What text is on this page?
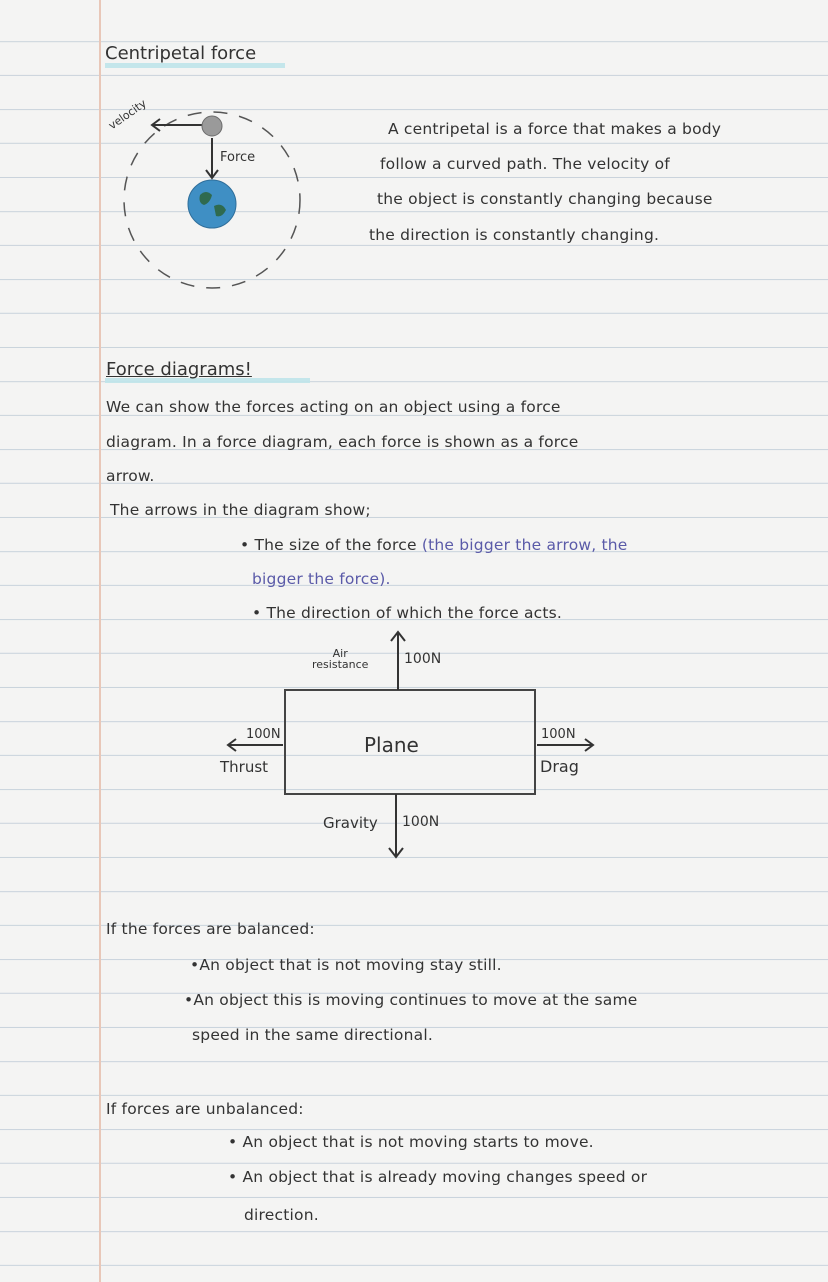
Centripetal force
velocity
Force
A centripetal is a force that makes a body
follow a curved path. The velocity of
the object is constantly changing because
the direction is constantly changing.
Force diagrams!
We can show the forces acting on an object using a force
diagram. In a force diagram, each force is shown as a force
arrow.
The arrows in the diagram show;
• The size of the force (the bigger the arrow, the
bigger the force).
• The direction of which the force acts.
Air
resistance	100N
Plane
100N
Thrust
100N
Drag
Gravity 100N
If the forces are balanced:
•An object that is not moving stay still.
•An object this is moving continues to move at the same
speed in the same directional.
If forces are unbalanced:
• An object that is not moving starts to move.
• An object that is already moving changes speed or
direction.
